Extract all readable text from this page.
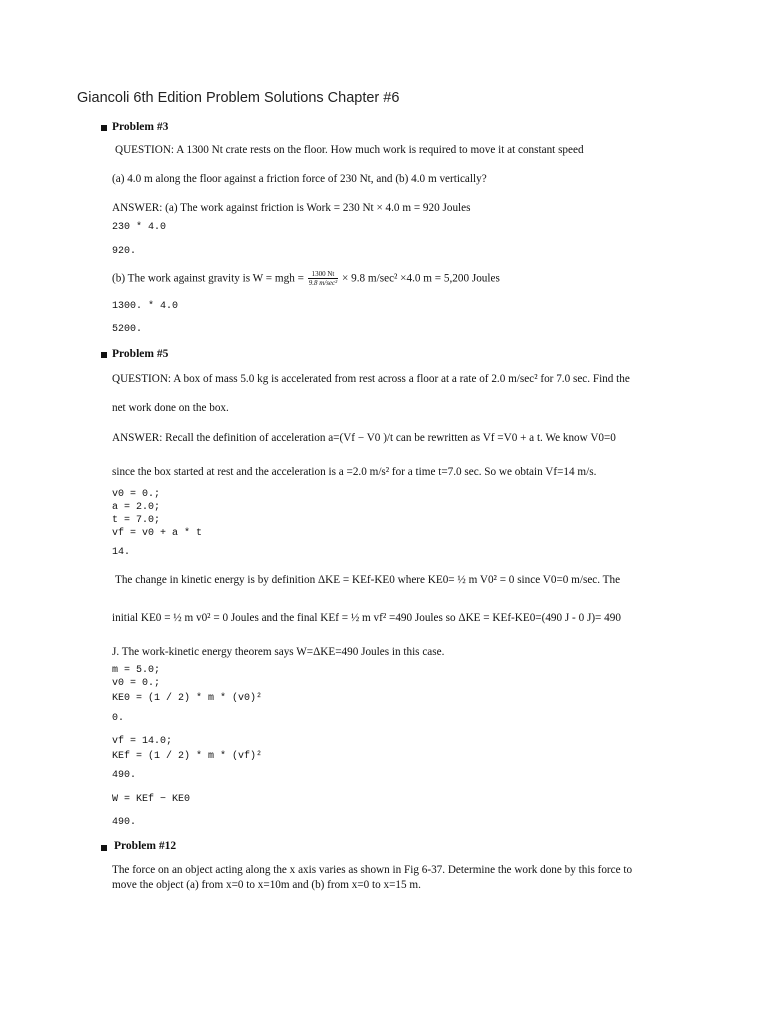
Giancoli 6th Edition Problem Solutions Chapter #6
Problem #3
QUESTION: A 1300 Nt crate rests on the floor. How much work is required to move it at constant speed
(a) 4.0 m along the floor against a friction force of 230 Nt, and (b) 4.0 m vertically?
ANSWER: (a) The work against friction is Work = 230 Nt × 4.0 m = 920 Joules
230 * 4.0
920.
(b) The work against gravity is W = mgh = $\frac{1300 Nt}{\text{9.8 m/sec²}} \times 9.8$ m/sec² ×4.0 m = 5,200 Joules
1300. * 4.0
5200.
Problem #5
QUESTION: A box of mass 5.0 kg is accelerated from rest across a floor at a rate of 2.0 m/sec² for 7.0 sec. Find the
net work done on the box.
ANSWER: Recall the definition of acceleration a=(Vf − V0 )/t can be rewritten as Vf =V0 + a t. We know V0=0
since the box started at rest and the acceleration is a =2.0 m/s² for a time t=7.0 sec. So we obtain Vf=14 m/s.
v0 = 0.;
a = 2.0;
t = 7.0;
vf = v0 + a * t
14.
The change in kinetic energy is by definition ΔKE = KEf-KE0 where KE0= ½ m V0² = 0 since V0=0 m/sec. The
initial KE0 = ½ m v0² = 0 Joules and the final KEf = ½ m vf² =490 Joules so ΔKE = KEf-KE0=(490 J - 0 J)= 490
J. The work-kinetic energy theorem says W=ΔKE=490 Joules in this case.
m = 5.0;
v0 = 0.;
KE0 = (1 / 2) * m * (v0)²
0.
vf = 14.0;
KEf = (1 / 2) * m * (vf)²
490.
W = KEf − KE0
490.
Problem #12
The force on an object acting along the x axis varies as shown in Fig 6-37. Determine the work done by this force to
move the object (a) from x=0 to x=10m and (b) from x=0 to x=15 m.
